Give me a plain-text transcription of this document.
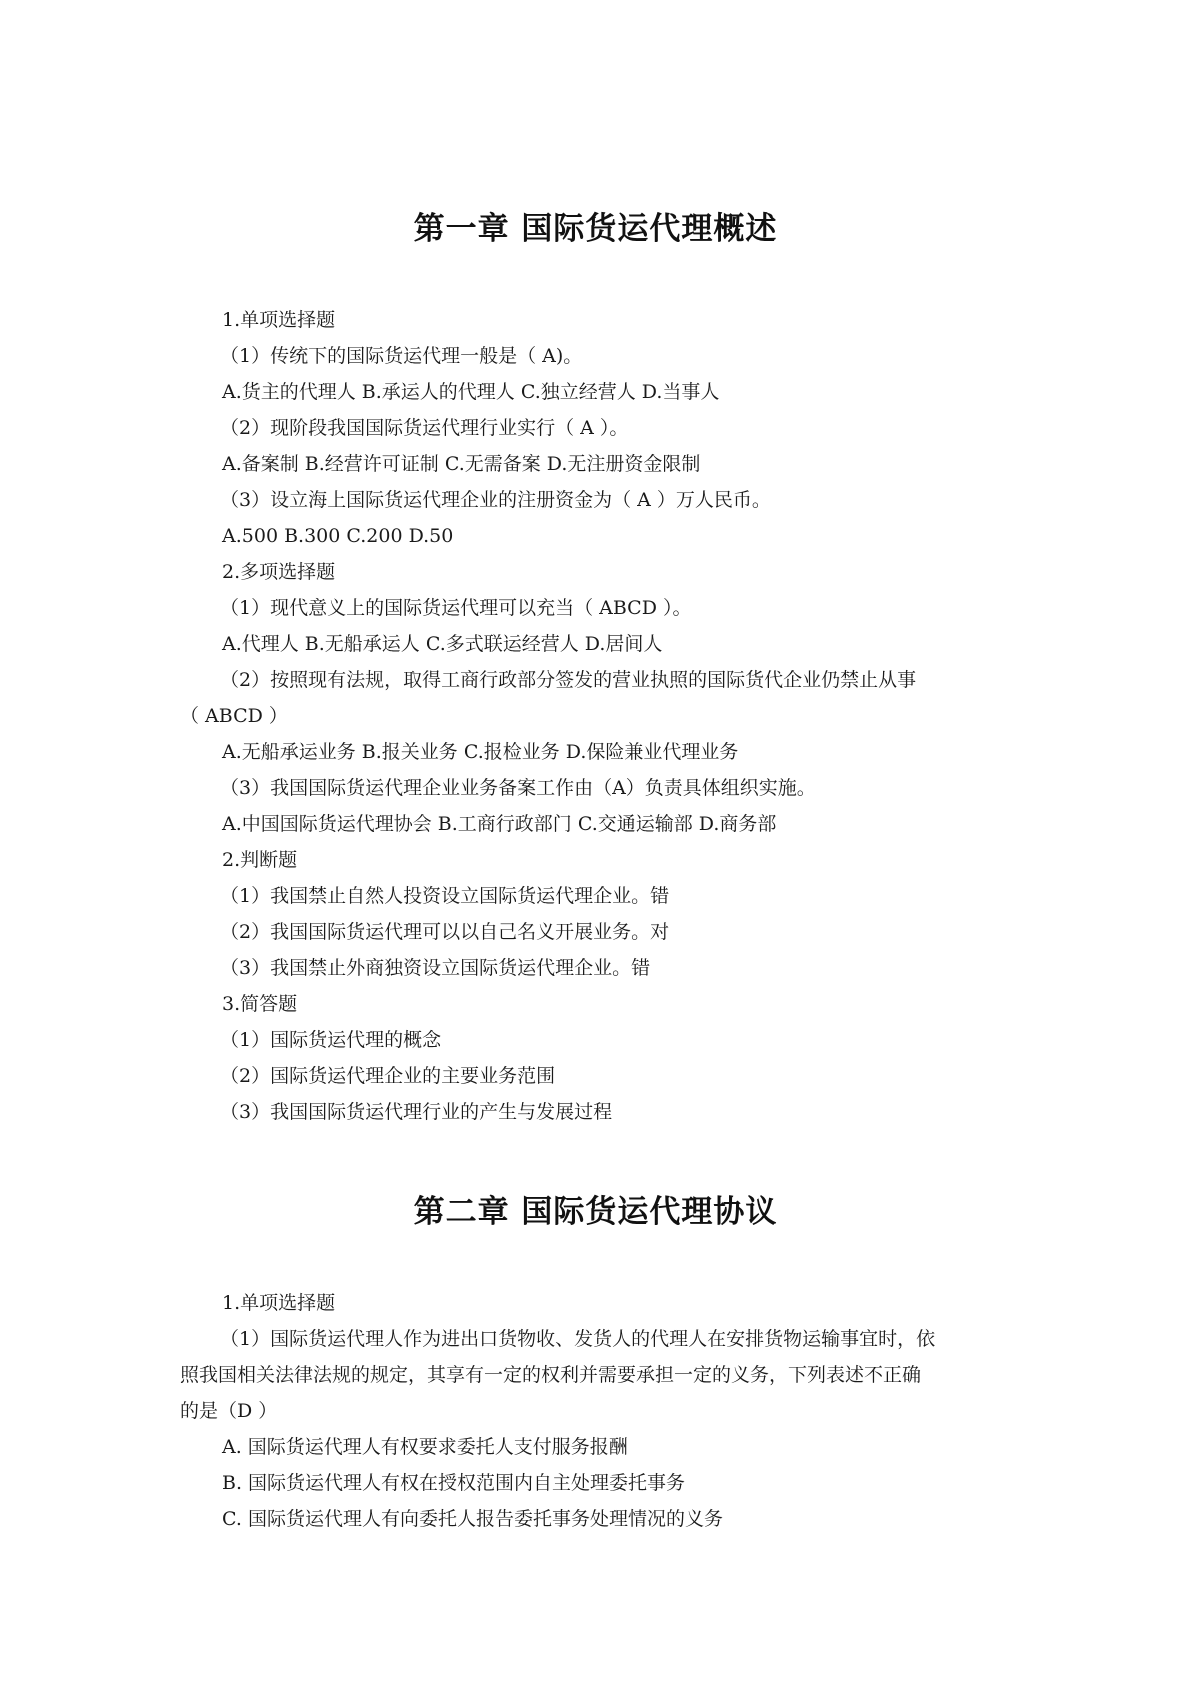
第一章 国际货运代理概述

1.单项选择题

（1）传统下的国际货运代理一般是（ A)。

A.货主的代理人 B.承运人的代理人 C.独立经营人 D.当事人

（2）现阶段我国国际货运代理行业实行（ A ）。

A.备案制 B.经营许可证制 C.无需备案 D.无注册资金限制

（3）设立海上国际货运代理企业的注册资金为（ A ）万人民币。

A.500 B.300 C.200 D.50

2.多项选择题

（1）现代意义上的国际货运代理可以充当（ ABCD ）。

A.代理人 B.无船承运人 C.多式联运经营人 D.居间人

（2）按照现有法规，取得工商行政部分签发的营业执照的国际货代企业仍禁止从事

（ ABCD ）

A.无船承运业务 B.报关业务 C.报检业务 D.保险兼业代理业务

（3）我国国际货运代理企业业务备案工作由（A）负责具体组织实施。

A.中国国际货运代理协会 B.工商行政部门 C.交通运输部 D.商务部

2.判断题

（1）我国禁止自然人投资设立国际货运代理企业。错

（2）我国国际货运代理可以以自己名义开展业务。对

（3）我国禁止外商独资设立国际货运代理企业。错

3.简答题

（1）国际货运代理的概念

（2）国际货运代理企业的主要业务范围

（3）我国国际货运代理行业的产生与发展过程

第二章 国际货运代理协议

1.单项选择题

（1）国际货运代理人作为进出口货物收、发货人的代理人在安排货物运输事宜时，依

照我国相关法律法规的规定，其享有一定的权利并需要承担一定的义务，下列表述不正确

的是（D ）

A. 国际货运代理人有权要求委托人支付服务报酬

B. 国际货运代理人有权在授权范围内自主处理委托事务

C. 国际货运代理人有向委托人报告委托事务处理情况的义务
